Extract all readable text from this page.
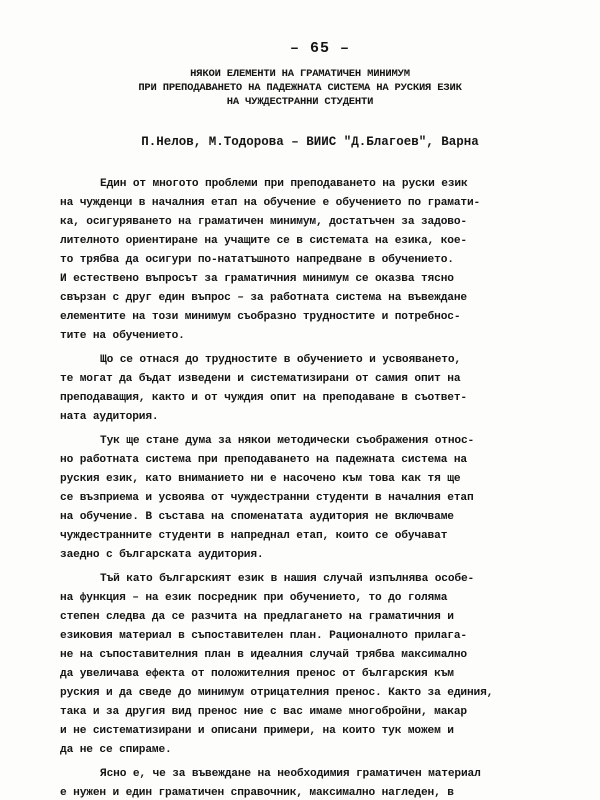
– 65 –
НЯКОИ ЕЛЕМЕНТИ НА ГРАМАТИЧЕН МИНИМУМ
ПРИ ПРЕПОДАВАНЕТО НА ПАДЕЖНАТА СИСТЕМА НА РУСКИЯ ЕЗИК
НА ЧУЖДЕСТРАННИ СТУДЕНТИ
П.Нелов, М.Тодорова – ВИИС "Д.Благоев", Варна
Един от многото проблеми при преподаването на руски език
на чужденци в началния етап на обучение е обучението по грамати-
ка, осигуряването на граматичен минимум, достатъчен за задово-
лителното ориентиране на учащите се в системата на езика, кое-
то трябва да осигури по-нататъшното напредване в обучението.
И естествено въпросът за граматичния минимум се оказва тясно
свързан с друг един въпрос – за работната система на въвеждане
елементите на този минимум съобразно трудностите и потребнос-
тите на обучението.
Що се отнася до трудностите в обучението и усвояването,
те могат да бъдат изведени и систематизирани от самия опит на
преподаващия, както и от чуждия опит на преподаване в съответ-
ната аудитория.
Тук ще стане дума за някои методически съображения относ-
но работната система при преподаването на падежната система на
руския език, като вниманието ни е насочено към това как тя ще
се възприема и усвоява от чуждестранни студенти в началния етап
на обучение. В състава на споменатата аудитория не включваме
чуждестранните студенти в напреднал етап, които се обучават
заедно с българската аудитория.
Тъй като българският език в нашия случай изпълнява особе-
на функция – на език посредник при обучението, то до голяма
степен следва да се разчита на предлагането на граматичния и
езиковия материал в съпоставителен план. Рационалното прилага-
не на съпоставителния план в идеалния случай трябва максимално
да увеличава ефекта от положителния пренос от българския към
руския и да сведе до минимум отрицателния пренос. Както за единия,
така и за другия вид пренос ние с вас имаме многобройни, макар
и не систематизирани и описани примери, на които тук можем и
да не се спираме.
Ясно е, че за въвеждане на необходимия граматичен материал
е нужен и един граматичен справочник, максимално нагледен, в
